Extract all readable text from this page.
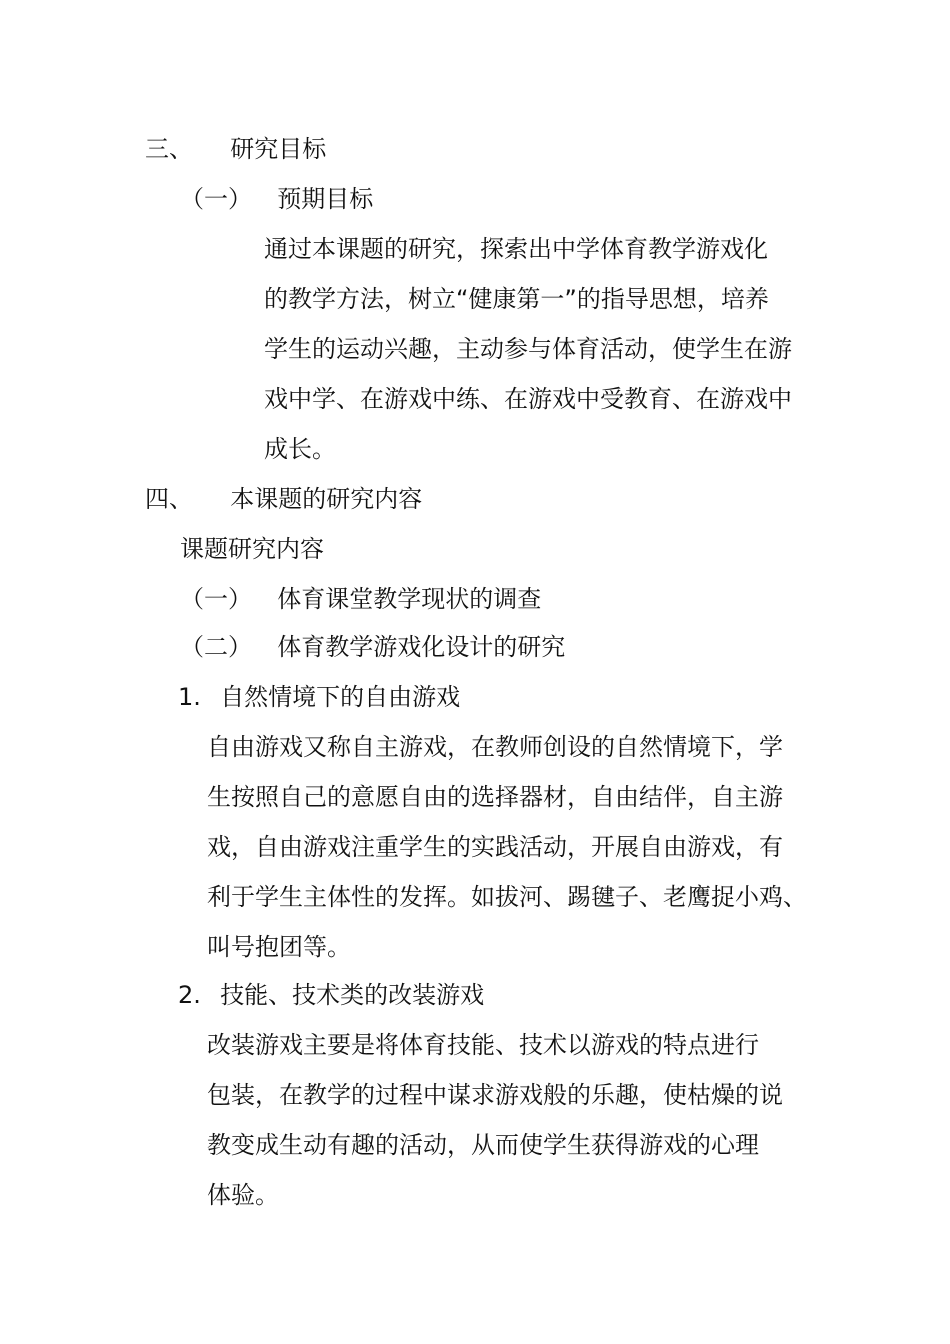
三、 研究目标
（一） 预期目标
通过本课题的研究，探索出中学体育教学游戏化
的教学方法，树立“健康第一”的指导思想，培养
学生的运动兴趣，主动参与体育活动，使学生在游
戏中学、在游戏中练、在游戏中受教育、在游戏中
成长。
四、 本课题的研究内容
课题研究内容
（一） 体育课堂教学现状的调查
（二） 体育教学游戏化设计的研究
1. 自然情境下的自由游戏
自由游戏又称自主游戏，在教师创设的自然情境下，学
生按照自己的意愿自由的选择器材，自由结伴，自主游
戏，自由游戏注重学生的实践活动，开展自由游戏，有
利于学生主体性的发挥。如拔河、踢毽子、老鹰捉小鸡、
叫号抱团等。
2. 技能、技术类的改装游戏
改装游戏主要是将体育技能、技术以游戏的特点进行
包装，在教学的过程中谋求游戏般的乐趣，使枯燥的说
教变成生动有趣的活动，从而使学生获得游戏的心理
体验。
